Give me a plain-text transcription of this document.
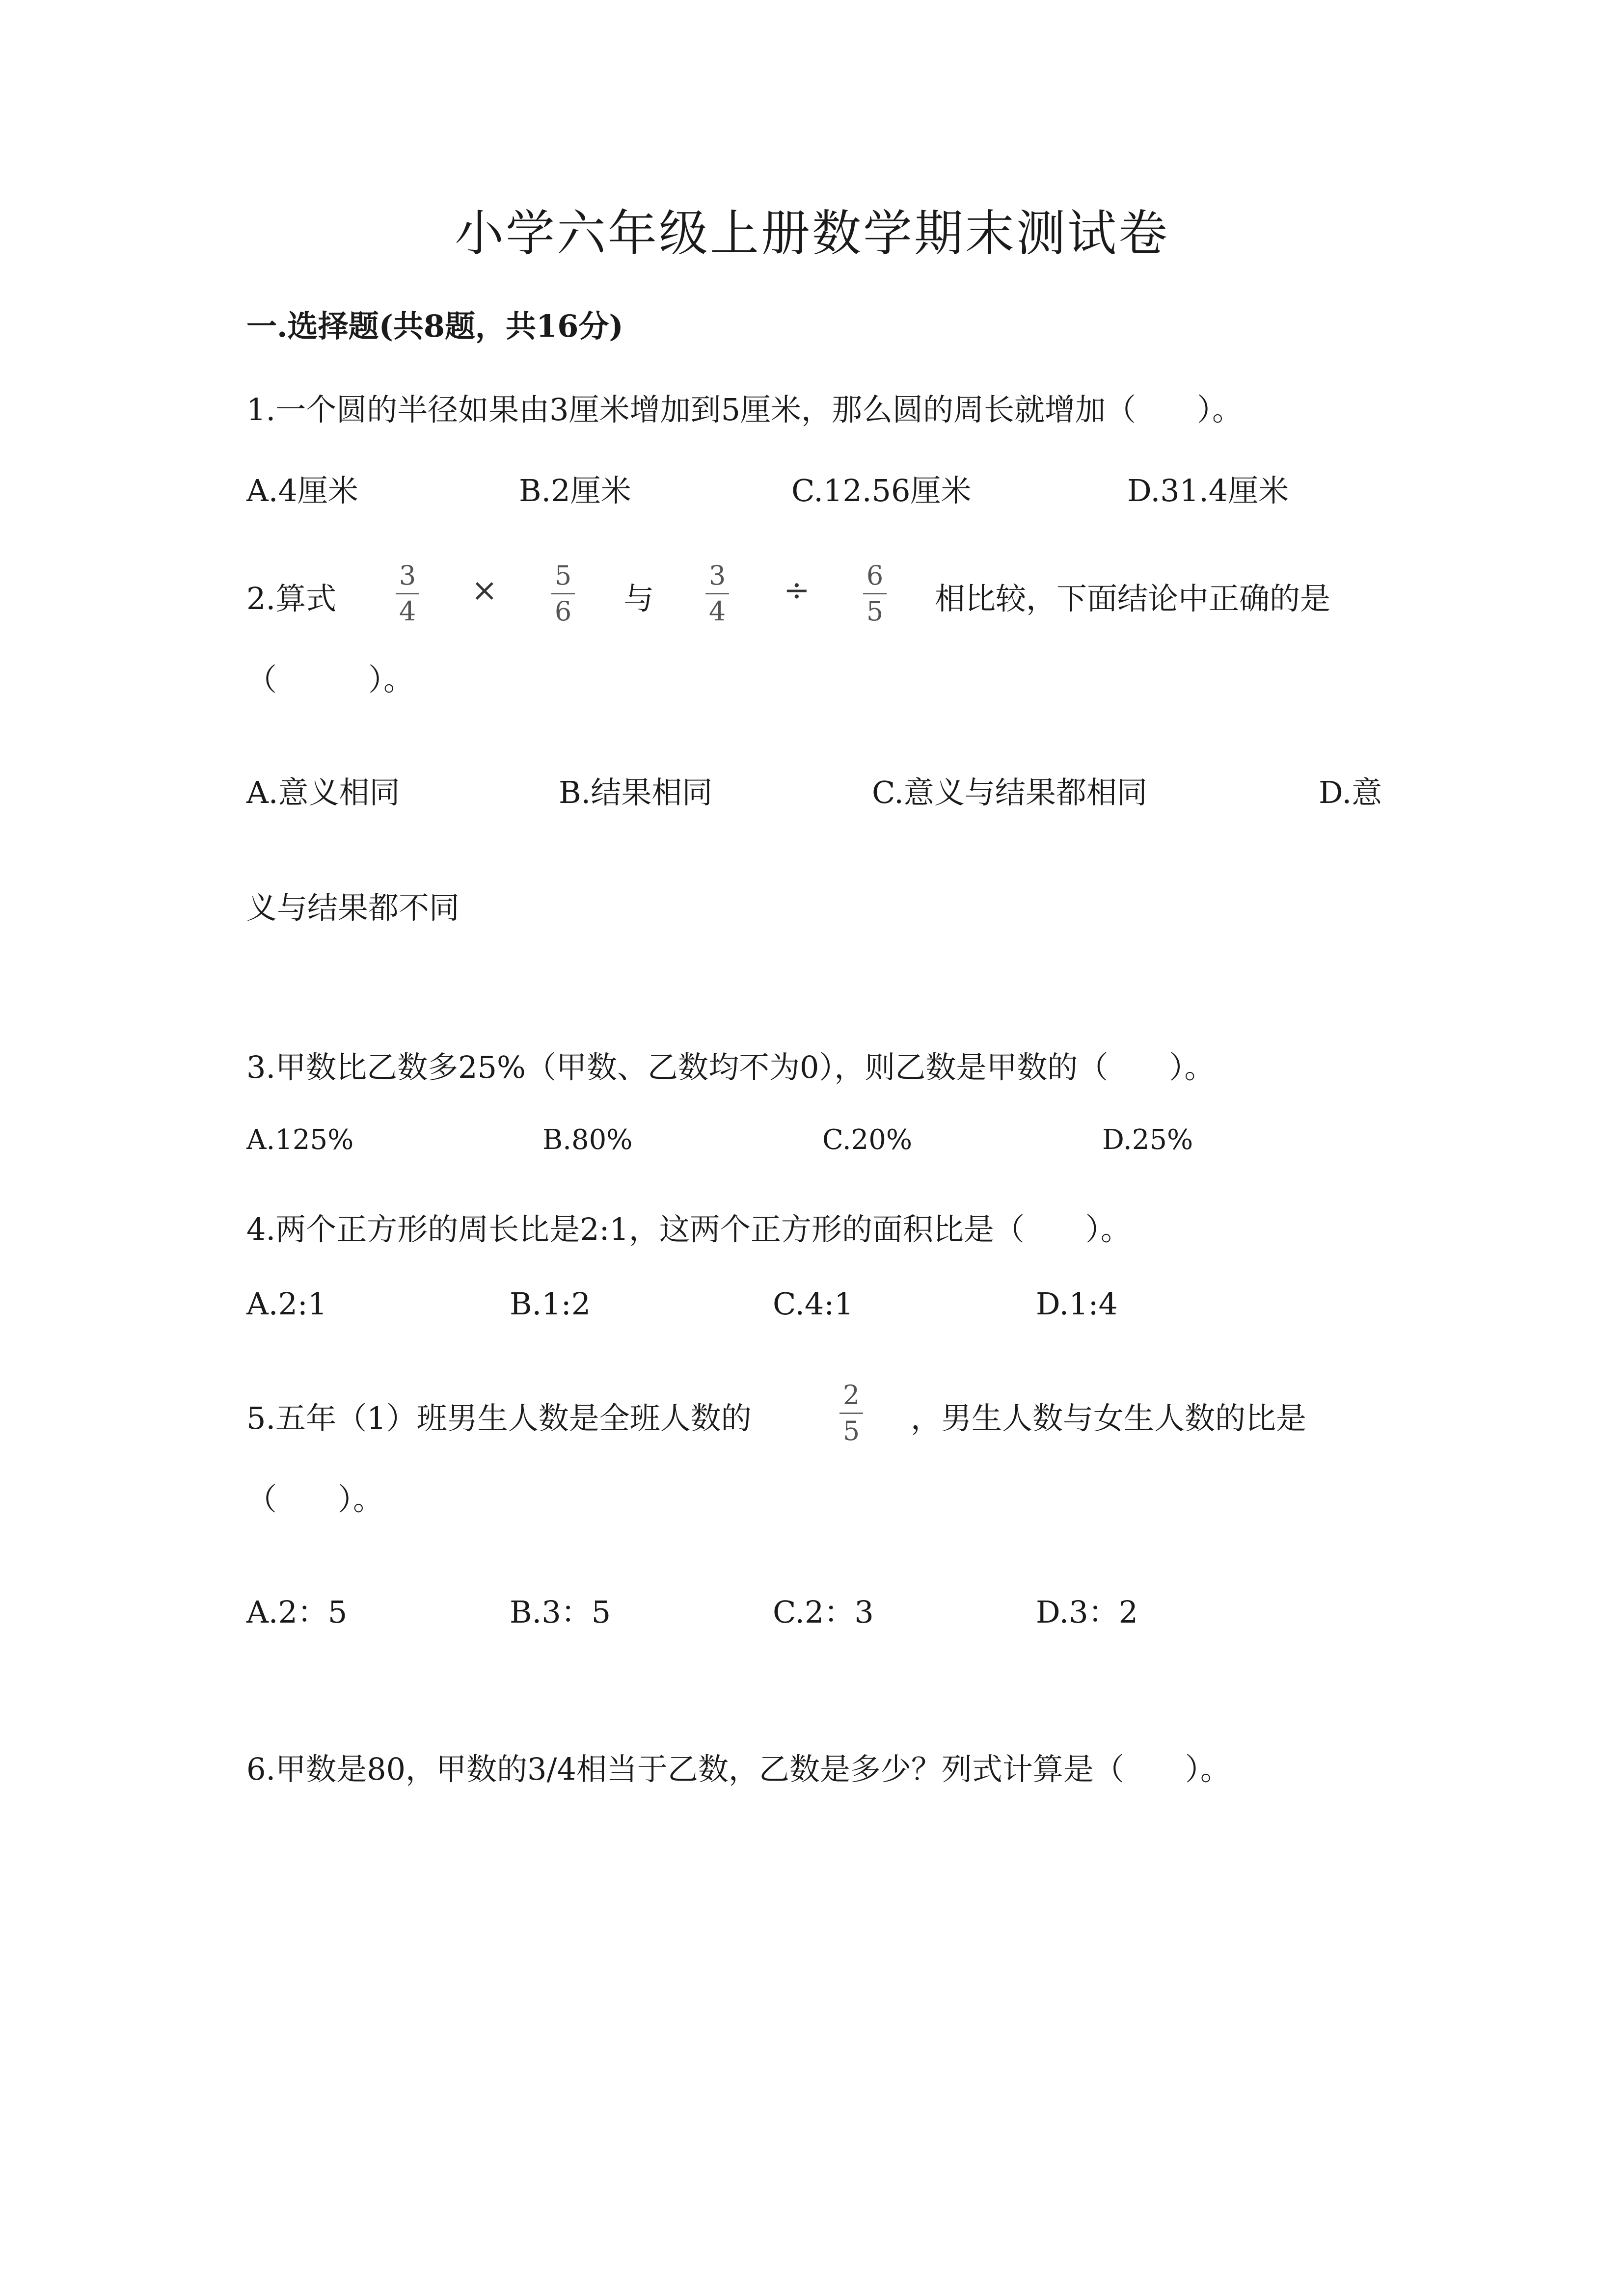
小学六年级上册数学期末测试卷
一.选择题(共8题，共16分)
1.一个圆的半径如果由3厘米增加到5厘米，那么圆的周长就增加（　　）。
A.4厘米	B.2厘米	C.12.56厘米	D.31.4厘米
2.算式
3
4
× 5
6 与
3
4
÷ 6
5 相比较，下面结论中正确的是
（　　　）。
A.意义相同	B.结果相同	C.意义与结果都相同	D.意
义与结果都不同
3.甲数比乙数多25%（甲数、乙数均不为0），则乙数是甲数的（　　）。
A.125%	B.80%	C.20%	D.25%
4.两个正方形的周长比是2:1，这两个正方形的面积比是（　　）。
A.2:1	B.1:2	C.4:1	D.1:4
5.五年（1）班男生人数是全班人数的
2
5 ，男生人数与女生人数的比是
（　　）。
A.2：5	B.3：5	C.2：3	D.3：2
6.甲数是80，甲数的3/4相当于乙数，乙数是多少？列式计算是（　　）。
